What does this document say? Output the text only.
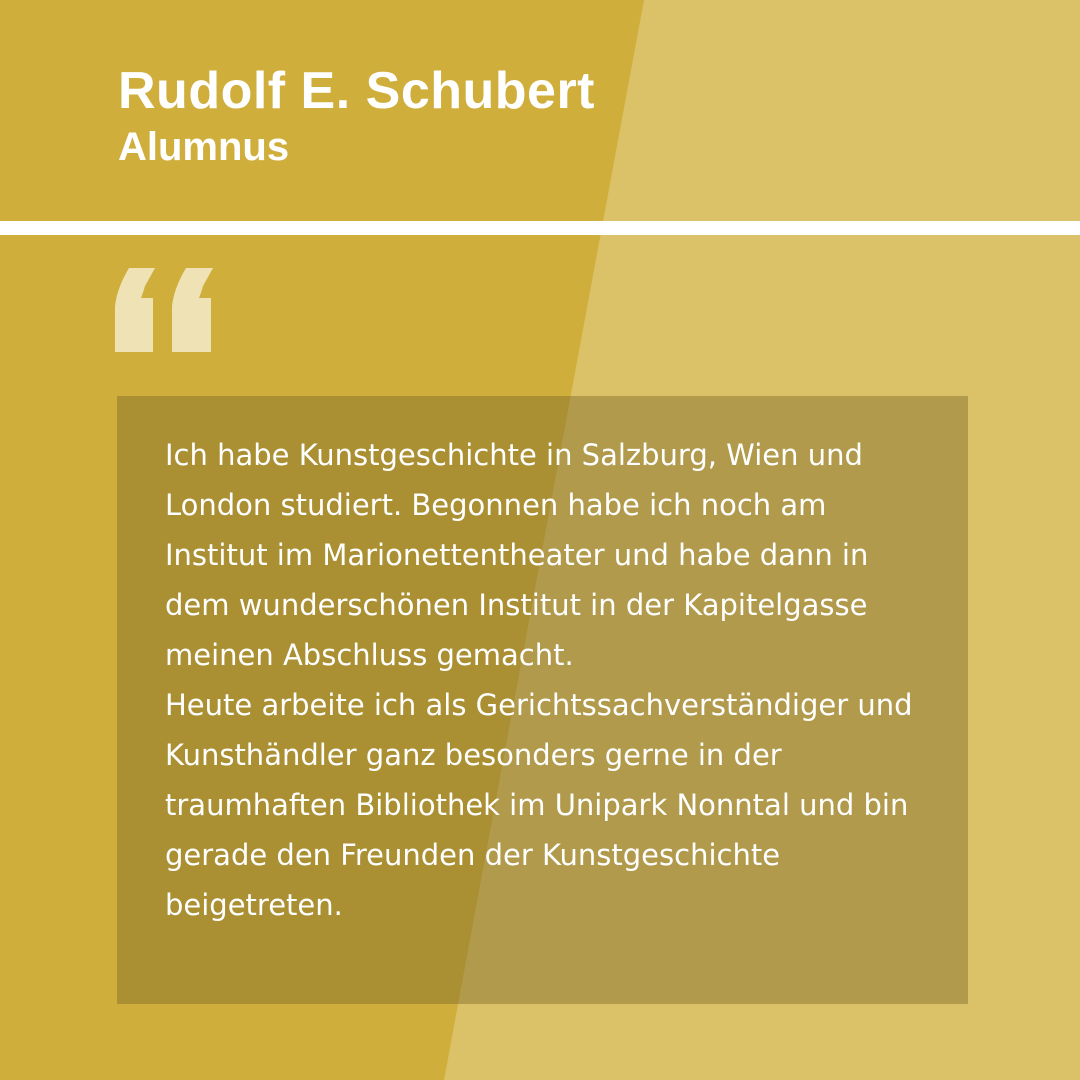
Rudolf E. Schubert
Alumnus

Ich habe Kunstgeschichte in Salzburg, Wien und
London studiert. Begonnen habe ich noch am
Institut im Marionettentheater und habe dann in
dem wunderschönen Institut in der Kapitelgasse
meinen Abschluss gemacht.
Heute arbeite ich als Gerichtssachverständiger und
Kunsthändler ganz besonders gerne in der
traumhaften Bibliothek im Unipark Nonntal und bin
gerade den Freunden der Kunstgeschichte
beigetreten.
